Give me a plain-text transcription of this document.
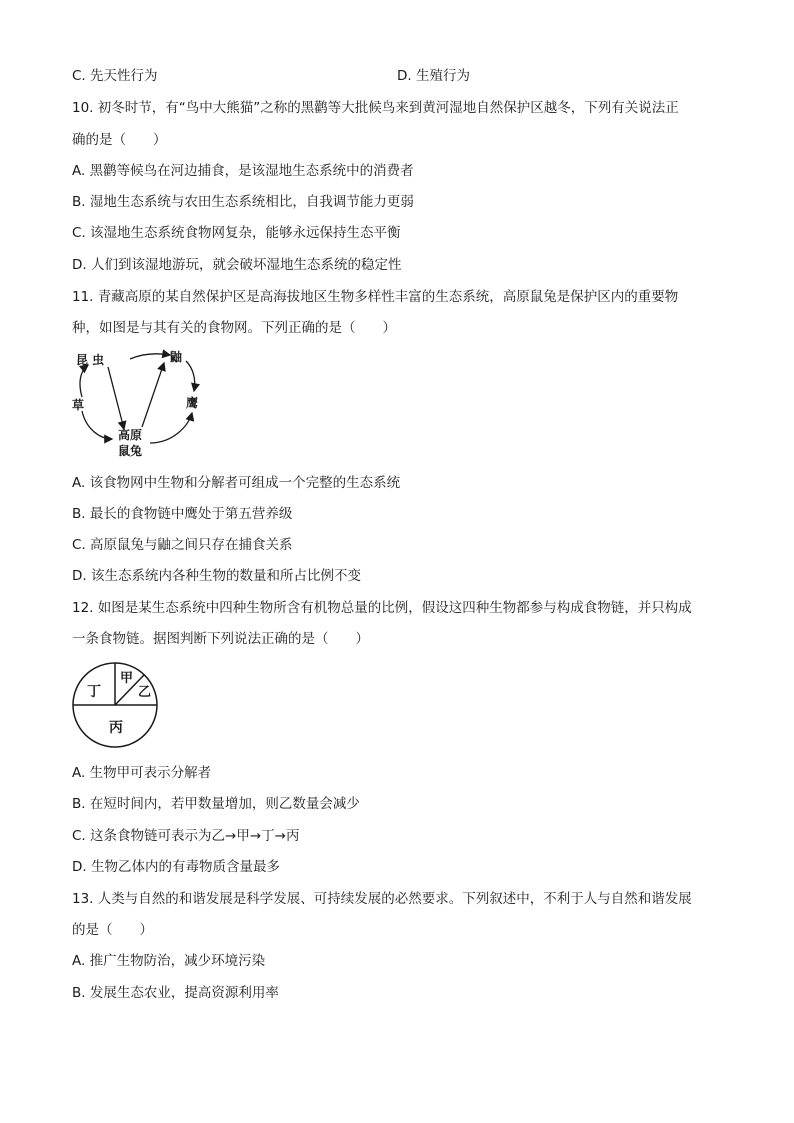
C. 先天性行为	D. 生殖行为
10. 初冬时节，有“鸟中大熊猫”之称的黑鹳等大批候鸟来到黄河湿地自然保护区越冬，下列有关说法正
确的是（　　）
A. 黑鹳等候鸟在河边捕食，是该湿地生态系统中的消费者
B. 湿地生态系统与农田生态系统相比，自我调节能力更弱
C. 该湿地生态系统食物网复杂，能够永远保持生态平衡
D. 人们到该湿地游玩，就会破坏湿地生态系统的稳定性
11. 青藏高原的某自然保护区是高海拔地区生物多样性丰富的生态系统，高原鼠兔是保护区内的重要物
种，如图是与其有关的食物网。下列正确的是（　　）
昆 虫	鼬
草	鹰
高原
鼠兔
A. 该食物网中生物和分解者可组成一个完整的生态系统
B. 最长的食物链中鹰处于第五营养级
C. 高原鼠兔与鼬之间只存在捕食关系
D. 该生态系统内各种生物的数量和所占比例不变
12. 如图是某生态系统中四种生物所含有机物总量的比例，假设这四种生物都参与构成食物链，并只构成
一条食物链。据图判断下列说法正确的是（　　）
丁
甲
乙
丙
A. 生物甲可表示分解者
B. 在短时间内，若甲数量增加，则乙数量会减少
C. 这条食物链可表示为乙→甲→丁→丙
D. 生物乙体内的有毒物质含量最多
13. 人类与自然的和谐发展是科学发展、可持续发展的必然要求。下列叙述中，不利于人与自然和谐发展
的是（　　）
A. 推广生物防治，减少环境污染
B. 发展生态农业，提高资源利用率
